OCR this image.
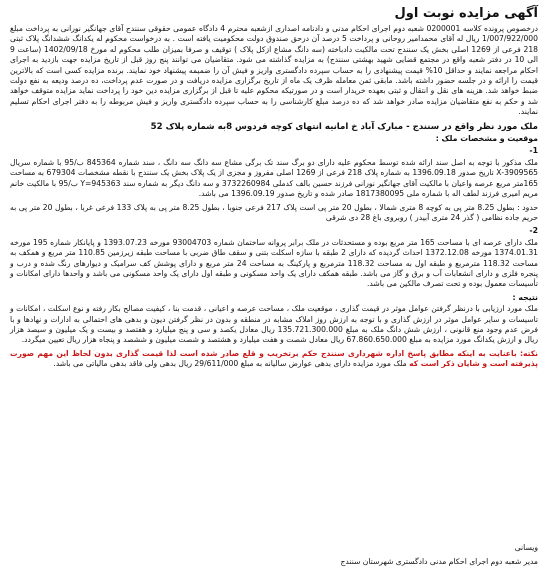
آگهی مزایده نوبت اول
درخصوص پرونده کلاسه 0200001 شعبه دوم اجرای احکام مدنی و دادنامه اصداری ازشعبه محترم 4 دادگاه عمومی حقوقی سنندج آقای جهانگیر نورانی به پرداخت مبلغ 1/007/922/000 ریال له آقای محمدامیر روحانی و پرداخت 5 درصد آن درحق صندوق دولت محکومیت یافته است . به درخواست محکوم له یکدانگ ششدانگ پلاک ثبتی 218 فرعی از 1269 اصلی بخش یک سنندج تحت مالکیت دادباخته (سه دانگ مشاع ازکل پلاک ) توقیف و صرفا بمیزان طلب محکوم له مورخ 1402/09/18 (ساعت 9 الی 10 در دفتر شعبه واقع در مجتمع قضایی شهید بهشتی سنندج) به مزایده گذاشته می شود. متقاضیان می توانند پنج روز قبل از تاریخ مزایده جهت بازدید به اجرای احکام مراجعه نمایند و حداقل 10% قیمت پیشنهادی را به حساب سپرده دادگستری واریز و فیش آن را ضمیمه پیشنهاد خود نمایند. برنده مزایده کسی است که بالاترین قیمت را ارائه و در جلسه حضور داشته باشد. مابقی ثمن معامله ظرف یک ماه از تاریخ برگزاری مزایده دریافت و در صورت عدم پرداخت، ده درصد ودیعه به نفع دولت ضبط خواهد شد. هزینه های نقل و انتقال و ثبتی بعهده خریدار است و در صورتیکه محکوم علیه تا قبل از برگزاری مزایده دین خود را پرداخت نماید مزایده متوقف خواهد شد و حکم به نفع متقاضیان مزایده صادر خواهد شد که ده درصد مبلغ کارشناسی را به حساب سپرده دادگستری واریز و فیش مربوطه را به دفتر اجرای احکام تسلیم نمایند.
ملک مورد نظر واقع در سنندج - مبارک آباد خ امانیه انتهای کوچه فردوس 8به شماره پلاک 52
موقعیت و مشخصات ملک :
1-
ملک مذکور با توجه به اصل سند ارائه شده توسط محکوم علیه دارای دو برگ سند تک برگی مشاع سه دانگ سه دانگ ، سند شماره 845364 ب/95 با شماره سریال 3909565-X تاریخ صدور 1396.09.18 به شماره پلاک 218 فرعی از 1269 اصلی مفروز و مجزی از یک پلاک بخش یک سنندج با نقطه مشخصات 679304 به مساحت 165متر مربع عرصه واعیان با مالکیت آقای جهانگیر نورانی فرزند حسین بالف کدملی 3732260984 و سه دانگ دیگر به شماره سند Y=945363 ب/95 با مالکیت خانم مریم امیری فرزند لطف اله با شماره ملی 1817380095 صادر شده و تاریخ صدور 1396.09.19 می باشد.
حدود : بطول 8.25 متر پی به کوچه 8 متری شمالا ، بطول 20 متر پی است پلاک 217 فرعی جنوبا ، بطول 8.25 متر پی به پلاک 133 فرعی غربا ، بطول 20 متر پی به حریم جاده نظامی ( گذر 24 متری آبیدر ) روبروی باغ 28 دی شرقی
2-
ملک دارای عرصه ای با مساحت 165 متر مربع بوده و مستحدثات در ملک برابر پروانه ساختمان شماره 93004703 مورخه 1393.07.23 و پایانکار شماره 195 مورخه 1374.01.31 مورخه 1372.12.08 احداث گردیده که دارای 2 طبقه با سازه اسکلت بتنی و سقف طاق ضربی با مساحت طبقه زیرزمین 110.85 متر مربع و همکف به مساحت 118.32 مترمربع و طبقه اول به مساحت 118.32 مترمربع و پارکینگ به مساحت 24 متر مربع و دارای پوشش کف سرامیک و دیوارهای رنگ شده و درب و پنجره فلزی و دارای انشعابات آب و برق و گاز می باشد. طبقه همکف دارای یک واحد مسکونی و طبقه اول دارای یک واحد مسکونی می باشد و واحدها دارای امکانات و تأسیسات معمول بوده و تحت تصرف مالکین می باشد.
نتیجه :
ملک مورد ارزیابی با درنظر گرفتن عوامل موثر در قیمت گذاری ، موقعیت ملک ، مساحت عرصه و اعیانی ، قدمت بنا ، کیفیت مصالح بکار رفته و نوع اسکلت ، امکانات و تاسیسات و سایر عوامل موثر در ارزش گذاری و با توجه به ارزش روز املاک مشابه در منطقه و بدون در نظر گرفتن دیون و بدهی های احتمالی به ادارات و نهادها و با فرض عدم وجود منع قانونی ، ارزش شش دانگ ملک به مبلغ 135.721.300.000 ریال معادل یکصد و سی و پنج میلیارد و هفتصد و بیست و یک میلیون و سیصد هزار ریال و ارزش یکدانگ مورد مزایده به مبلغ 67.860.650.000 ریال معادل شصت و هفت میلیارد و هشتصد و شصت میلیون و ششصد و پنجاه هزار ریال تعیین میگردد.
نکته: باعنایت به اینکه مطابق پاسخ اداره شهرداری سنندج حکم برتخریب و قلع صادر شده است لذا قیمت گذاری بدون لحاظ این مهم صورت پذیرفته است و شایان ذکر است که ملک مورد مزایده دارای بدهی عوارض سالیانه به مبلغ 29/611/000 ریال بدهی ولی فاقد بدهی مالیاتی می باشد.
ویسانی
مدیر شعبه دوم اجرای احکام مدنی دادگستری شهرستان سنندج
